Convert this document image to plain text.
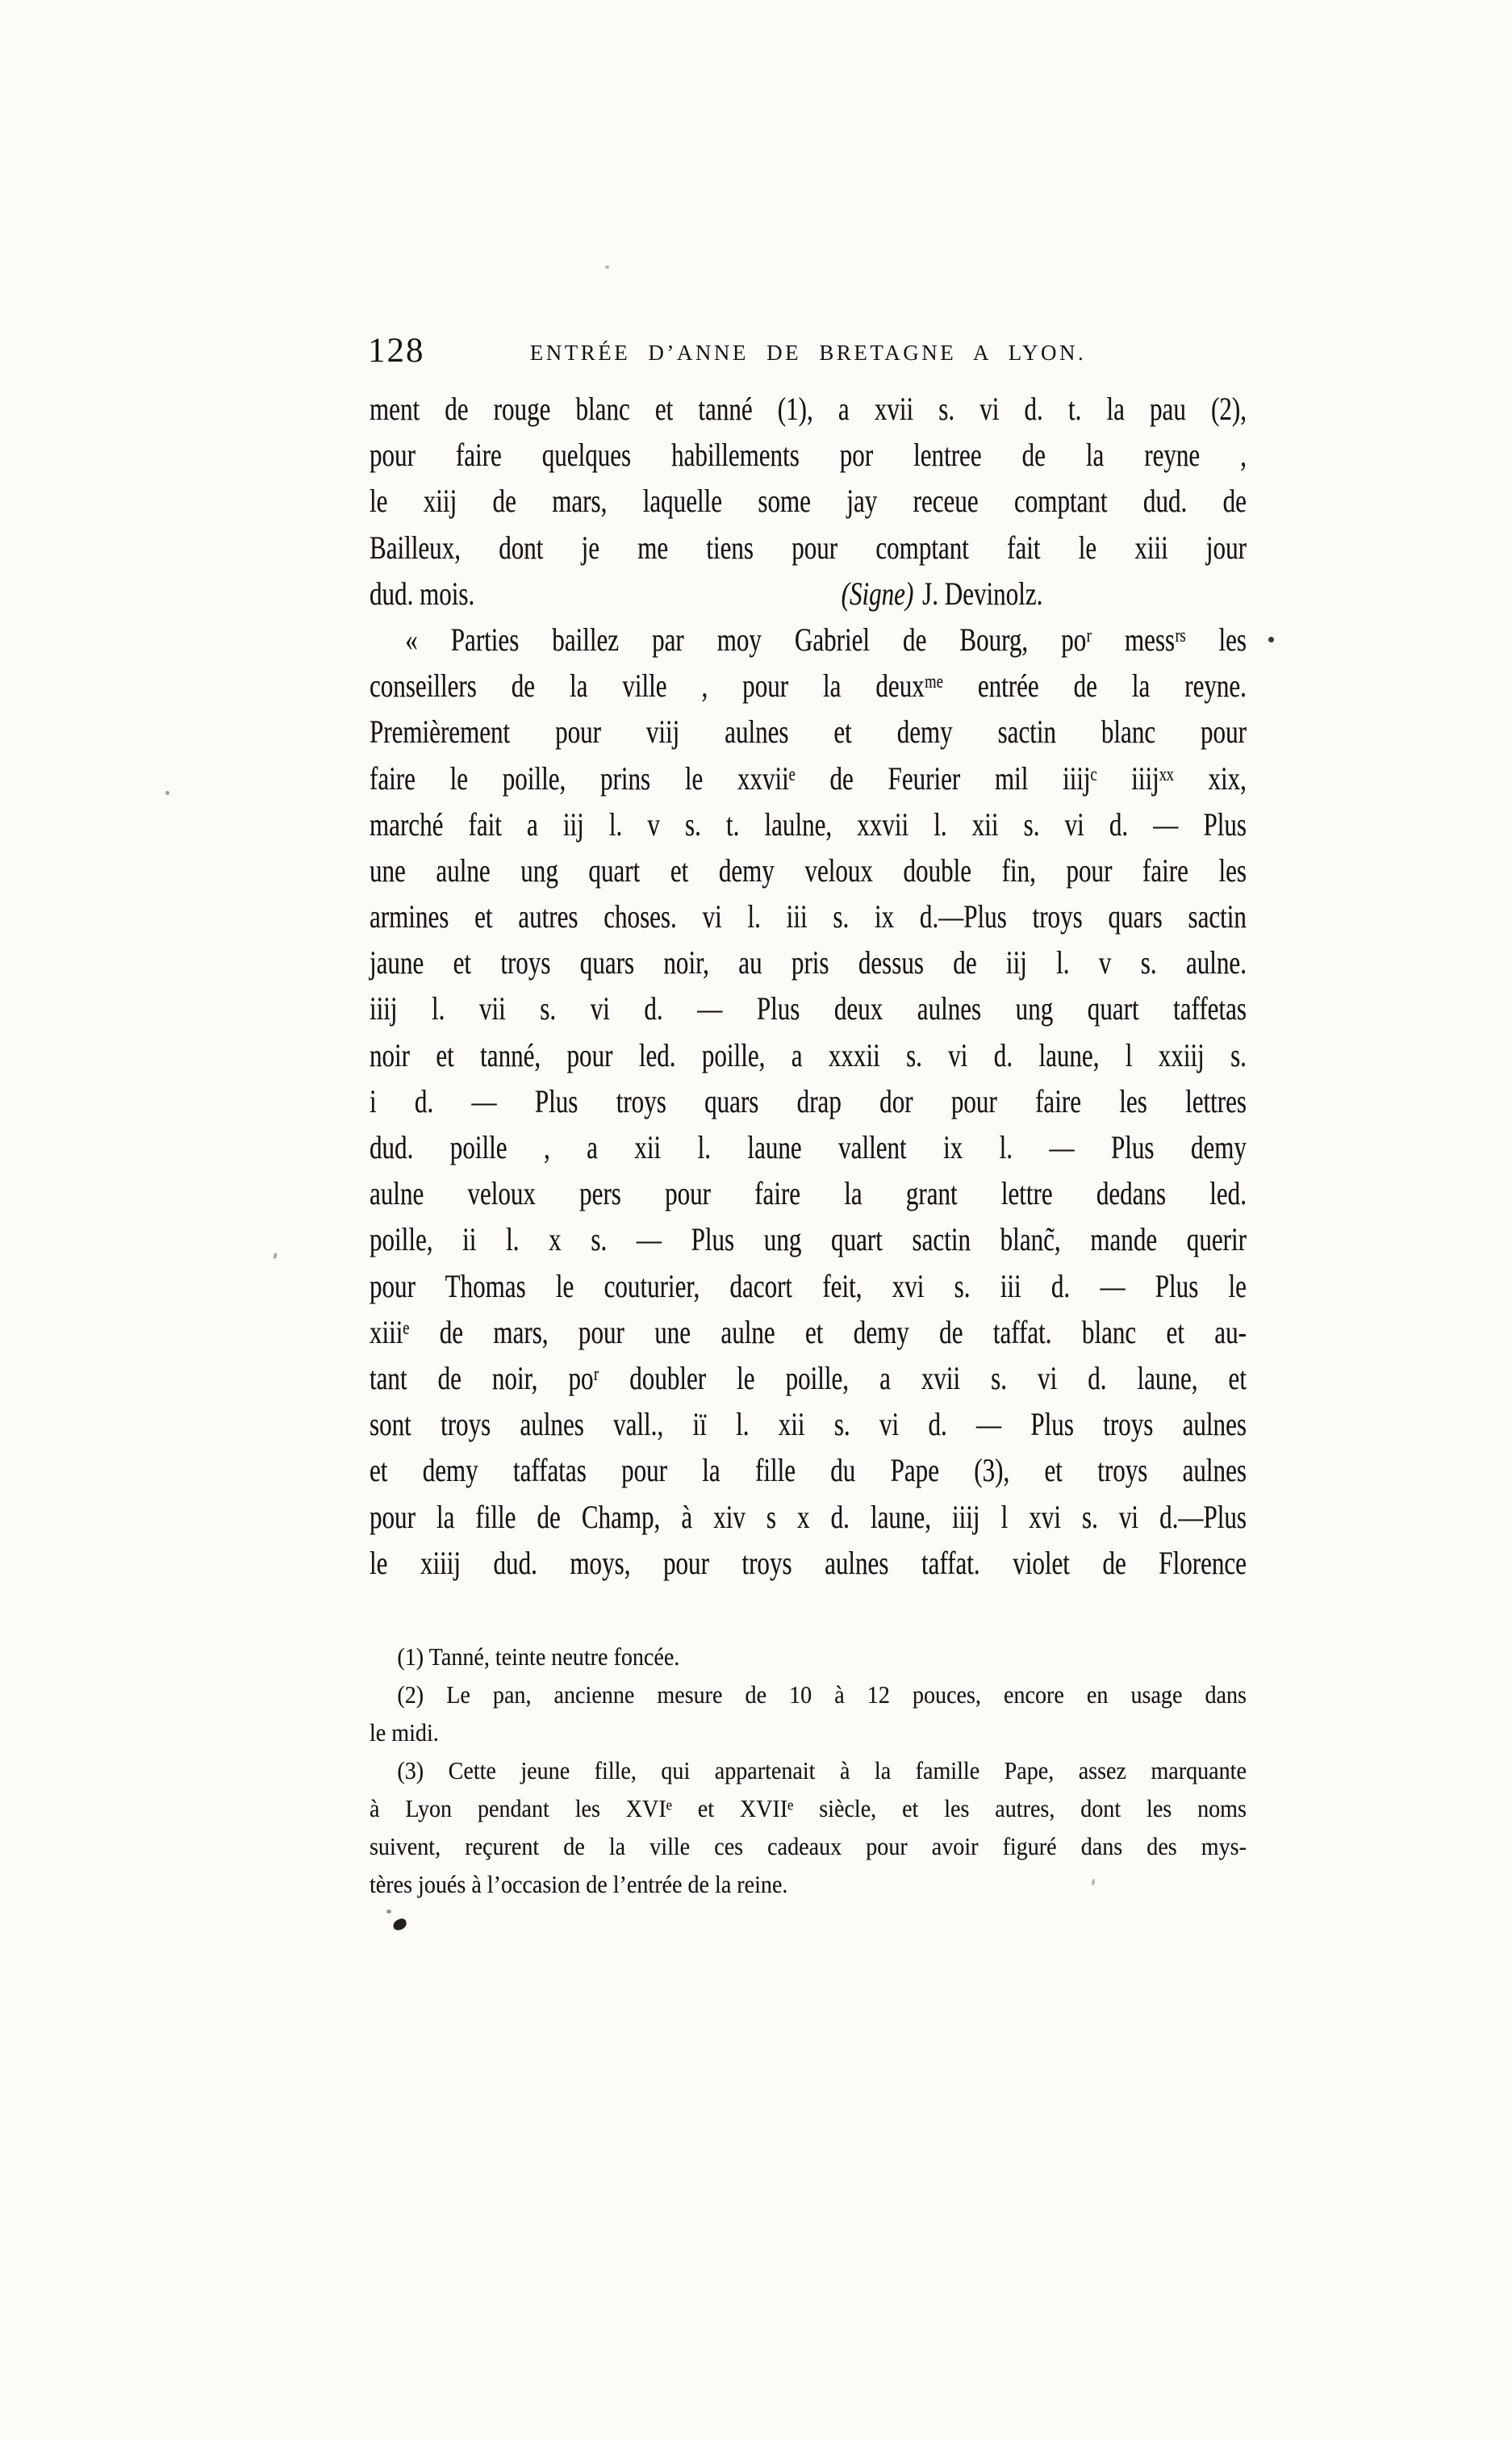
128	ENTRÉE D’ANNE DE BRETAGNE A LYON.
ment de rouge blanc et tanné (1), a xvii s. vi d. t. la pau (2),
pour faire quelques habillements por lentree de la reyne ,
le xiij de mars, laquelle some jay receue comptant dud. de
Bailleux, dont je me tiens pour comptant fait le xiii jour
dud. mois.	(Signe) J. Devinolz.
« Parties baillez par moy Gabriel de Bourg, poʳ messʳˢ les
conseillers de la ville , pour la deuxᵐᵉ entrée de la reyne.
Premièrement pour viij aulnes et demy sactin blanc pour
faire le poille, prins le xxviiᵉ de Feurier mil iiijᶜ iiijˣˣ xix,
marché fait a iij l. v s. t. laulne, xxvii l. xii s. vi d. — Plus
une aulne ung quart et demy veloux double fin, pour faire les
armines et autres choses. vi l. iii s. ix d.—Plus troys quars sactin
jaune et troys quars noir, au pris dessus de iij l. v s. aulne.
iiij l. vii s. vi d. — Plus deux aulnes ung quart taffetas
noir et tanné, pour led. poille, a xxxii s. vi d. laune, l xxiij s.
i d. — Plus troys quars drap dor pour faire les lettres
dud. poille , a xii l. laune vallent ix l. — Plus demy
aulne veloux pers pour faire la grant lettre dedans led.
poille, ii l. x s. — Plus ung quart sactin blanc̃, mande querir
pour Thomas le couturier, dacort feit, xvi s. iii d. — Plus le
xiiiᵉ de mars, pour une aulne et demy de taffat. blanc et au-
tant de noir, poʳ doubler le poille, a xvii s. vi d. laune, et
sont troys aulnes vall., iï l. xii s. vi d. — Plus troys aulnes
et demy taffatas pour la fille du Pape (3), et troys aulnes
pour la fille de Champ, à xiv s x d. laune, iiij l xvi s. vi d.—Plus
le xiiij dud. moys, pour troys aulnes taffat. violet de Florence
(1) Tanné, teinte neutre foncée.
(2) Le pan, ancienne mesure de 10 à 12 pouces, encore en usage dans
le midi.
(3) Cette jeune fille, qui appartenait à la famille Pape, assez marquante
à Lyon pendant les XVIᵉ et XVIIᵉ siècle, et les autres, dont les noms
suivent, reçurent de la ville ces cadeaux pour avoir figuré dans des mys-
tères joués à l’occasion de l’entrée de la reine.
